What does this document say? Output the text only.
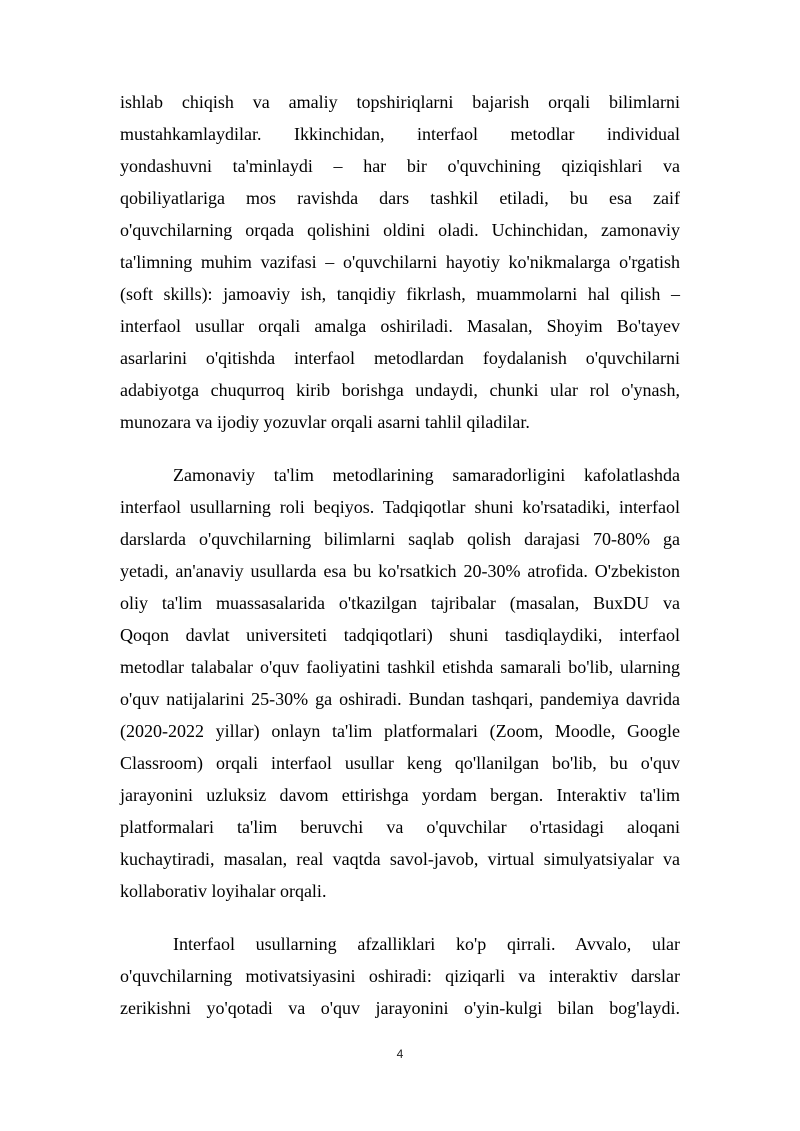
ishlab chiqish va amaliy topshiriqlarni bajarish orqali bilimlarni
mustahkamlaydilar. Ikkinchidan, interfaol metodlar individual
yondashuvni ta'minlaydi – har bir o'quvchining qiziqishlari va
qobiliyatlariga mos ravishda dars tashkil etiladi, bu esa zaif
o'quvchilarning orqada qolishini oldini oladi. Uchinchidan, zamonaviy
ta'limning muhim vazifasi – o'quvchilarni hayotiy ko'nikmalarga o'rgatish
(soft skills): jamoaviy ish, tanqidiy fikrlash, muammolarni hal qilish –
interfaol usullar orqali amalga oshiriladi. Masalan, Shoyim Bo'tayev
asarlarini o'qitishda interfaol metodlardan foydalanish o'quvchilarni
adabiyotga chuqurroq kirib borishga undaydi, chunki ular rol o'ynash,
munozara va ijodiy yozuvlar orqali asarni tahlil qiladilar.
Zamonaviy ta'lim metodlarining samaradorligini kafolatlashda
interfaol usullarning roli beqiyos. Tadqiqotlar shuni ko'rsatadiki, interfaol
darslarda o'quvchilarning bilimlarni saqlab qolish darajasi 70-80% ga
yetadi, an'anaviy usullarda esa bu ko'rsatkich 20-30% atrofida. O'zbekiston
oliy ta'lim muassasalarida o'tkazilgan tajribalar (masalan, BuxDU va
Qoqon davlat universiteti tadqiqotlari) shuni tasdiqlaydiki, interfaol
metodlar talabalar o'quv faoliyatini tashkil etishda samarali bo'lib, ularning
o'quv natijalarini 25-30% ga oshiradi. Bundan tashqari, pandemiya davrida
(2020-2022 yillar) onlayn ta'lim platformalari (Zoom, Moodle, Google
Classroom) orqali interfaol usullar keng qo'llanilgan bo'lib, bu o'quv
jarayonini uzluksiz davom ettirishga yordam bergan. Interaktiv ta'lim
platformalari ta'lim beruvchi va o'quvchilar o'rtasidagi aloqani
kuchaytiradi, masalan, real vaqtda savol-javob, virtual simulyatsiyalar va
kollaborativ loyihalar orqali.
Interfaol usullarning afzalliklari ko'p qirrali. Avvalo, ular
o'quvchilarning motivatsiyasini oshiradi: qiziqarli va interaktiv darslar
zerikishni yo'qotadi va o'quv jarayonini o'yin-kulgi bilan bog'laydi.
4
